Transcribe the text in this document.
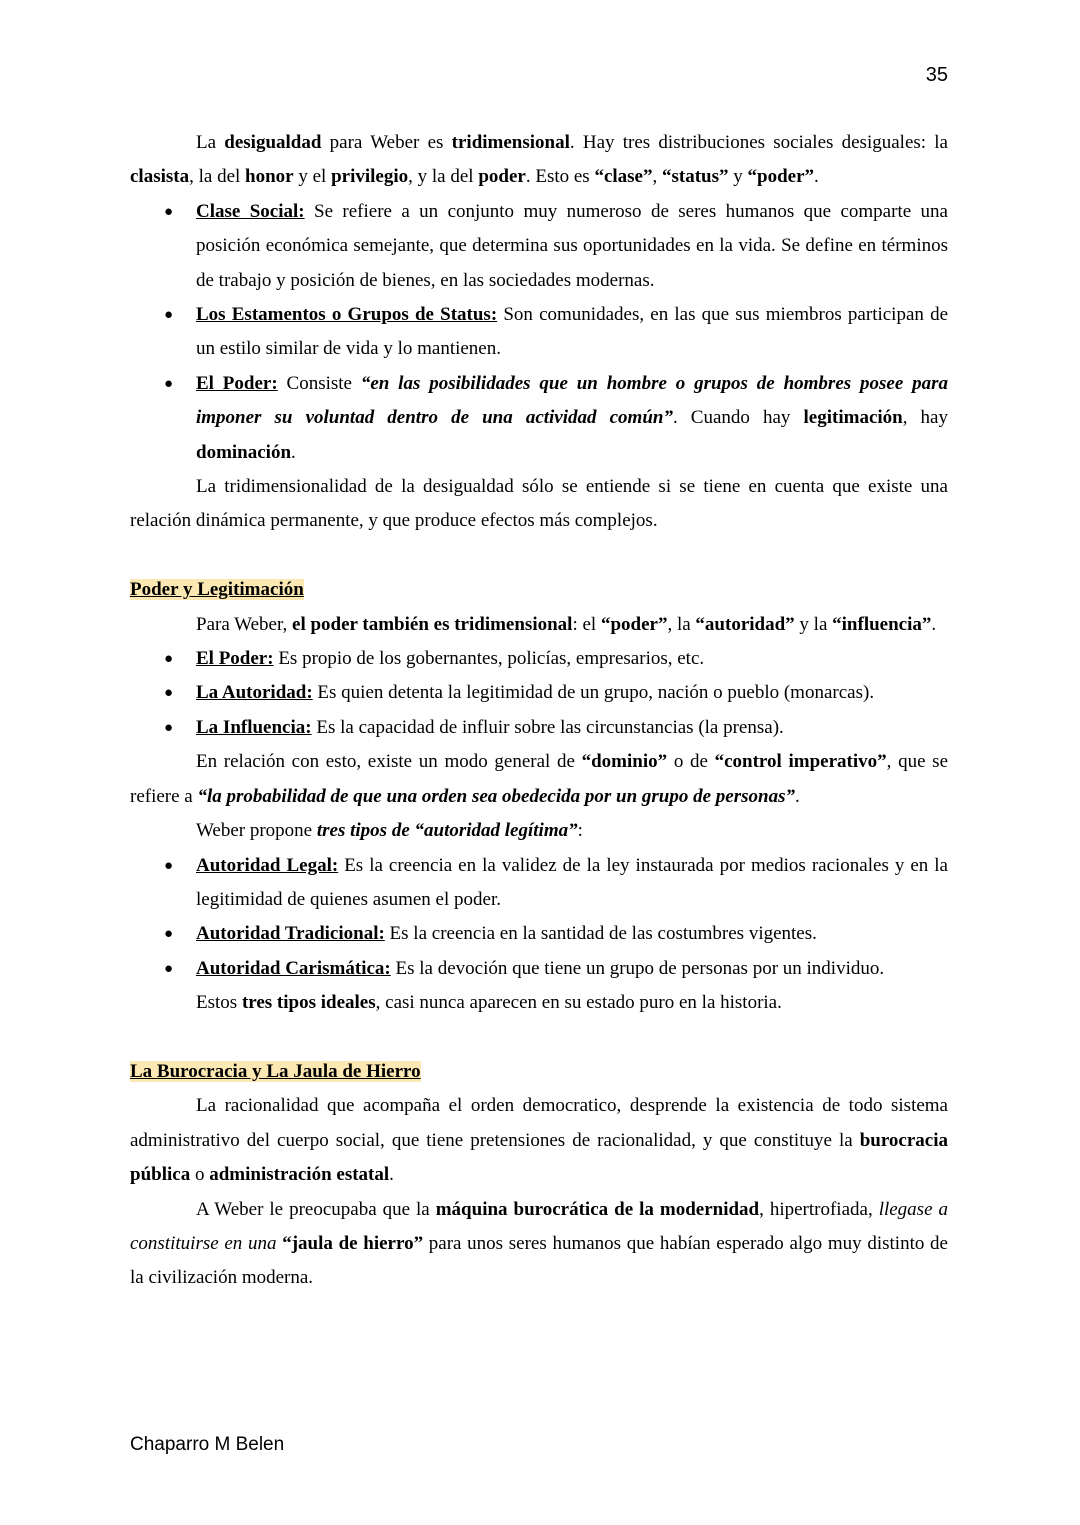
35
La desigualdad para Weber es tridimensional. Hay tres distribuciones sociales desiguales: la clasista, la del honor y el privilegio, y la del poder. Esto es “clase”, “status” y “poder”.
● Clase Social: Se refiere a un conjunto muy numeroso de seres humanos que comparte una posición económica semejante, que determina sus oportunidades en la vida. Se define en términos de trabajo y posición de bienes, en las sociedades modernas.
● Los Estamentos o Grupos de Status: Son comunidades, en las que sus miembros participan de un estilo similar de vida y lo mantienen.
● El Poder: Consiste “en las posibilidades que un hombre o grupos de hombres posee para imponer su voluntad dentro de una actividad común”. Cuando hay legitimación, hay dominación.
La tridimensionalidad de la desigualdad sólo se entiende si se tiene en cuenta que existe una relación dinámica permanente, y que produce efectos más complejos.
Poder y Legitimación
Para Weber, el poder también es tridimensional: el “poder”, la “autoridad” y la “influencia”.
● El Poder: Es propio de los gobernantes, policías, empresarios, etc.
● La Autoridad: Es quien detenta la legitimidad de un grupo, nación o pueblo (monarcas).
● La Influencia: Es la capacidad de influir sobre las circunstancias (la prensa).
En relación con esto, existe un modo general de “dominio” o de “control imperativo”, que se refiere a “la probabilidad de que una orden sea obedecida por un grupo de personas”.
Weber propone tres tipos de “autoridad legítima”:
● Autoridad Legal: Es la creencia en la validez de la ley instaurada por medios racionales y en la legitimidad de quienes asumen el poder.
● Autoridad Tradicional: Es la creencia en la santidad de las costumbres vigentes.
● Autoridad Carismática: Es la devoción que tiene un grupo de personas por un individuo.
Estos tres tipos ideales, casi nunca aparecen en su estado puro en la historia.
La Burocracia y La Jaula de Hierro
La racionalidad que acompaña el orden democratico, desprende la existencia de todo sistema administrativo del cuerpo social, que tiene pretensiones de racionalidad, y que constituye la burocracia pública o administración estatal.
A Weber le preocupaba que la máquina burocrática de la modernidad, hipertrofiada, llegase a constituirse en una “jaula de hierro” para unos seres humanos que habían esperado algo muy distinto de la civilización moderna.
Chaparro M Belen
